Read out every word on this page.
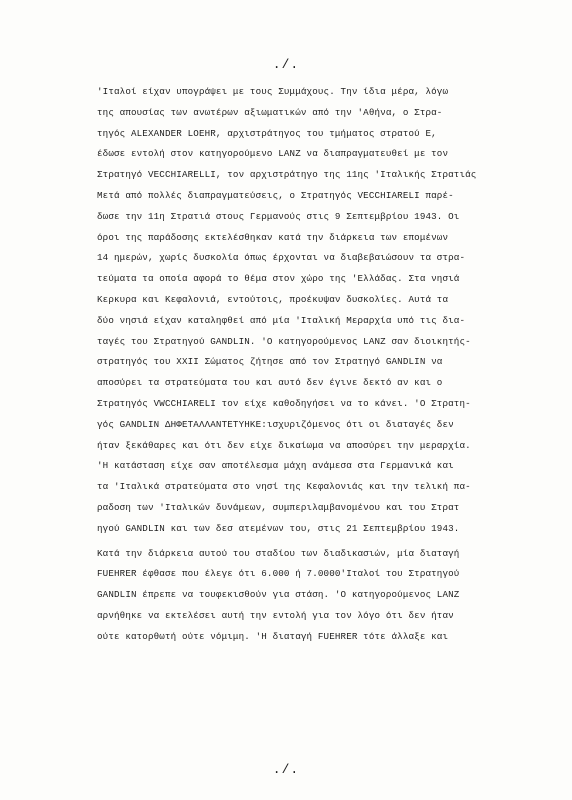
./.
'Ιταλοί είχαν υπογράψει με τους Συμμάχους. Την ίδια μέρα, λόγω
της απουσίας των ανωτέρων αξιωματικών από την 'Αθήνα, ο Στρα-
τηγός ALEXANDER LOEHR, αρχιστράτηγος του τμήματος στρατού Ε,
έδωσε εντολή στον κατηγορούμενο LANZ να διαπραγματευθεί με τον
Στρατηγό VECCHIARELLI, τον αρχιστράτηγο της 11ης 'Ιταλικής Στρατιάς
Μετά από πολλές διαπραγματεύσεις, ο Στρατηγός VECCHIARELI παρέ-
δωσε την 11η Στρατιά στους Γερμανούς στις 9 Σεπτεμβρίου 1943. Οι
όροι της παράδοσης εκτελέσθηκαν κατά την διάρκεια των επομένων
14 ημερών, χωρίς δυσκολία όπως έρχονται να διαβεβαιώσουν τα στρα-
τεύματα τα οποία αφορά το θέμα στον χώρο της 'Ελλάδας. Στα νησιά
Κερκυρα και Κεφαλονιά, εντούτοις, προέκυψαν δυσκολίες. Αυτά τα
δύο νησιά είχαν καταληφθεί από μία 'Ιταλική Μεραρχία υπό τις δια-
ταγές του Στρατηγού GANDLIN. 'Ο κατηγορούμενος LANZ σαν διοικητής-
στρατηγός του XXII Σώματος ζήτησε από τον Στρατηγό GANDLIN να
αποσύρει τα στρατεύματα του και αυτό δεν έγινε δεκτό αν και ο
Στρατηγός VWCCHIARELI τον είχε καθοδηγήσει να το κάνει. 'Ο Στρατη-
γός GANDLIN ΔΗΦΕΤΑΛΛΑΝΤΕΤΥΗΚΕ:ισχυριζόμενος ότι οι διαταγές δεν
ήταν ξεκάθαρες και ότι δεν είχε δικαίωμα να αποσύρει την μεραρχία.
'Η κατάσταση είχε σαν αποτέλεσμα μάχη ανάμεσα στα Γερμανικά και
τα 'Ιταλικά στρατεύματα στο νησί της Κεφαλονιάς και την τελική πα-
ραδοση των 'Ιταλικών δυνάμεων, συμπεριλαμβανομένου και του Στρατ
ηγού GANDLIN και των δεσ ατεμένων του, στις 21 Σεπτεμβρίου 1943.
Κατά την διάρκεια αυτού του σταδίου των διαδικασιών, μία διαταγή
FUEHRER έφθασε που έλεγε ότι 6.000 ή 7.0000'Ιταλοί του Στρατηγού
GANDLIN έπρεπε να τουφεκισθούν για στάση. 'Ο κατηγορούμενος LANZ
αρνήθηκε να εκτελέσει αυτή την εντολή για τον λόγο ότι δεν ήταν
ούτε κατορθωτή ούτε νόμιμη. 'Η διαταγή FUEHRER τότε άλλαξε και
./.
